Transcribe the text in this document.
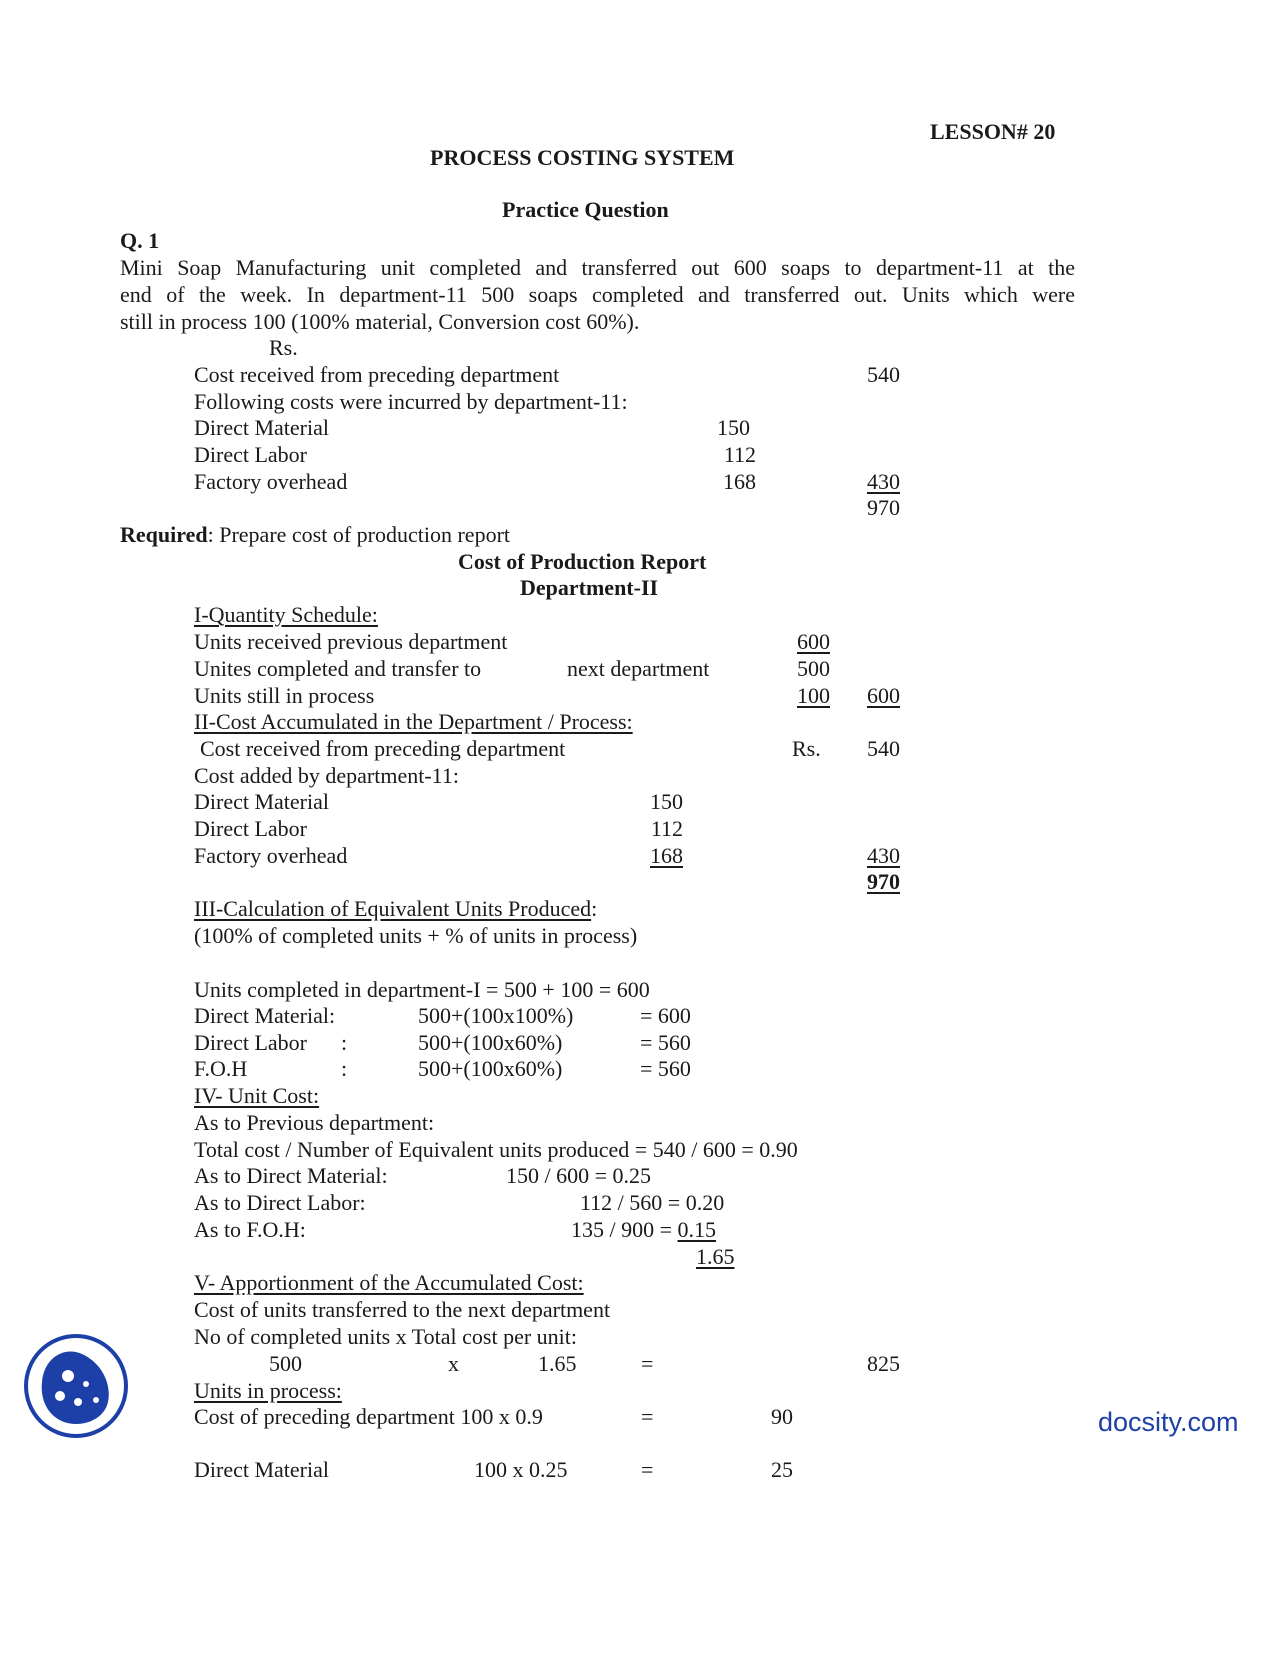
LESSON# 20
PROCESS COSTING SYSTEM
Practice Question
Q. 1
Mini Soap Manufacturing unit completed and transferred out 600 soaps to department-11 at the
end of the week. In department-11 500 soaps completed and transferred out. Units which were
still in process 100 (100% material, Conversion cost 60%).
Rs.
Cost received from preceding department	540
Following costs were incurred by department-11:
Direct Material	150
Direct Labor	112
Factory overhead	168	430
970
Required: Prepare cost of production report
Cost of Production Report
Department-II
I-Quantity Schedule:
Units received previous department	600
Unites completed and transfer to	next department	500
Units still in process	100	600
II-Cost Accumulated in the Department / Process:
Cost received from preceding department	Rs.	540
Cost added by department-11:
Direct Material	150
Direct Labor	112
Factory overhead	168	430
970
III-Calculation of Equivalent Units Produced:
(100% of completed units + % of units in process)
Units completed in department-I = 500 + 100 = 600
Direct Material:	500+(100x100%)	= 600
Direct Labor :	500+(100x60%)	= 560
F.O.H	:	500+(100x60%)	= 560
IV- Unit Cost:
As to Previous department:
Total cost / Number of Equivalent units produced = 540 / 600 = 0.90
As to Direct Material:	150 / 600 = 0.25
As to Direct Labor:	112 / 560 = 0.20
As to F.O.H:	135 / 900 = 0.15
1.65
V- Apportionment of the Accumulated Cost:
Cost of units transferred to the next department
No of completed units x Total cost per unit:
500	x	1.65	=	825
Units in process:
Cost of preceding department 100 x 0.9	=	90
Direct Material	100 x 0.25	=	25
docsity.com
